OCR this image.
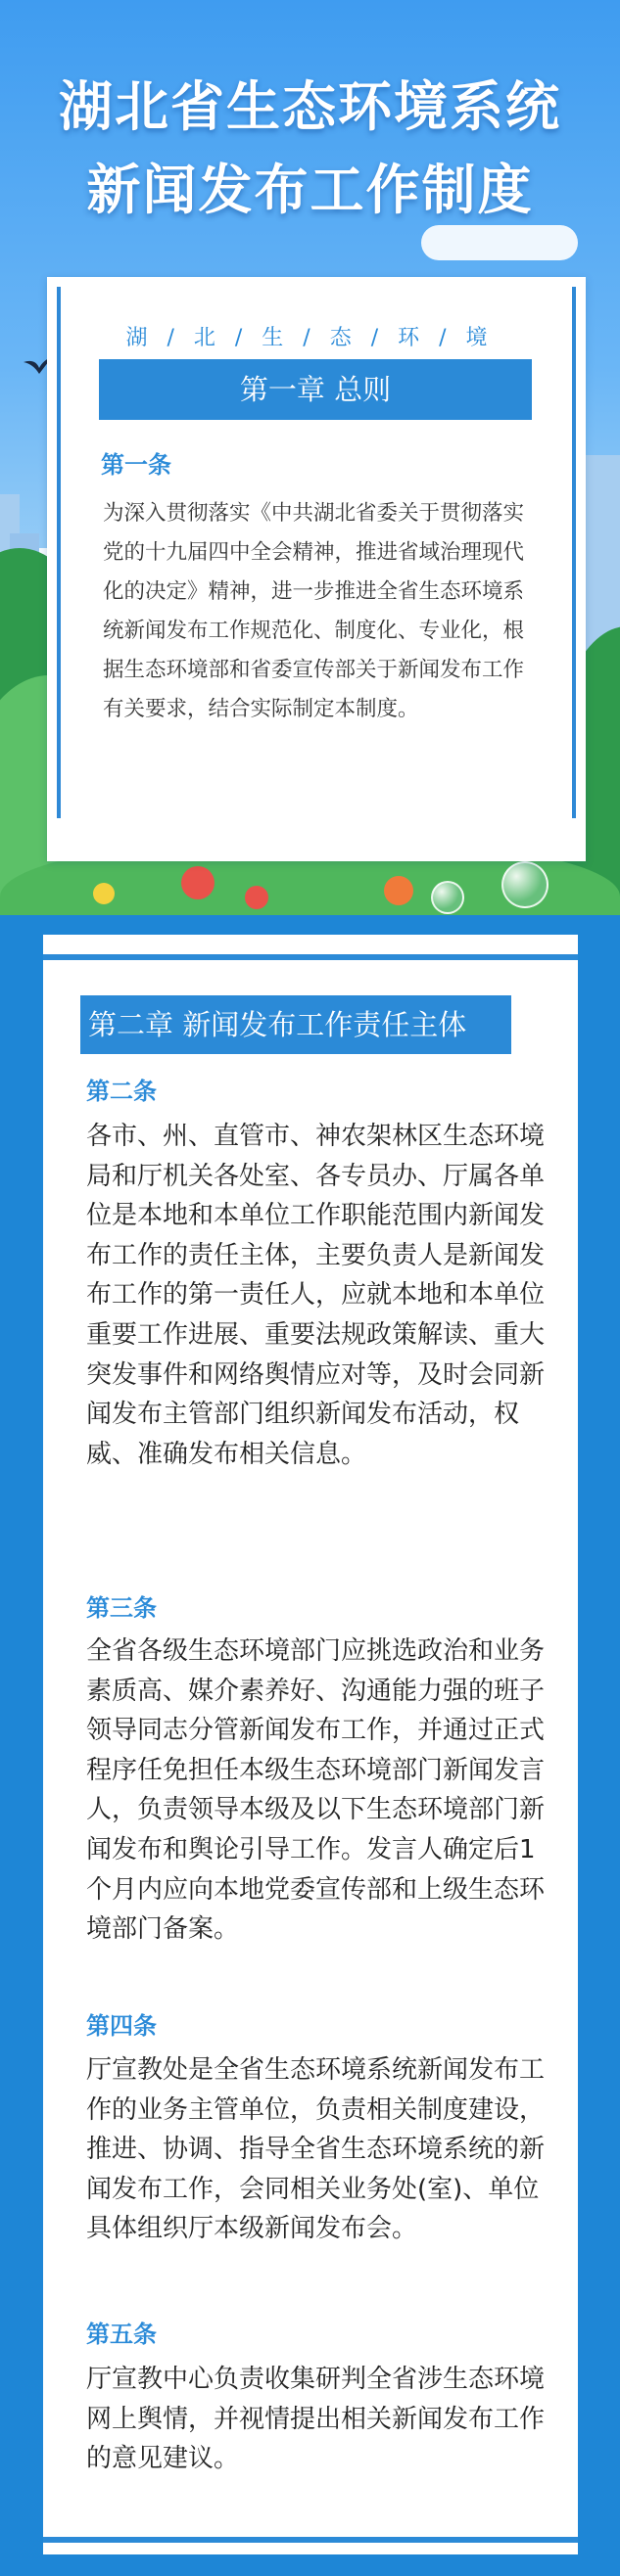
湖北省生态环境系统
新闻发布工作制度
湖/北/生/态/环/境
第一章 总则
第一条
为深入贯彻落实《中共湖北省委关于贯彻落实党的十九届四中全会精神，推进省域治理现代化的决定》精神，进一步推进全省生态环境系统新闻发布工作规范化、制度化、专业化，根据生态环境部和省委宣传部关于新闻发布工作有关要求，结合实际制定本制度。
第二章 新闻发布工作责任主体
第二条
各市、州、直管市、神农架林区生态环境局和厅机关各处室、各专员办、厅属各单位是本地和本单位工作职能范围内新闻发布工作的责任主体，主要负责人是新闻发布工作的第一责任人，应就本地和本单位重要工作进展、重要法规政策解读、重大突发事件和网络舆情应对等，及时会同新闻发布主管部门组织新闻发布活动，权威、准确发布相关信息。
第三条
全省各级生态环境部门应挑选政治和业务素质高、媒介素养好、沟通能力强的班子领导同志分管新闻发布工作，并通过正式程序任免担任本级生态环境部门新闻发言人，负责领导本级及以下生态环境部门新闻发布和舆论引导工作。发言人确定后1个月内应向本地党委宣传部和上级生态环境部门备案。
第四条
厅宣教处是全省生态环境系统新闻发布工作的业务主管单位，负责相关制度建设，推进、协调、指导全省生态环境系统的新闻发布工作，会同相关业务处(室)、单位具体组织厅本级新闻发布会。
第五条
厅宣教中心负责收集研判全省涉生态环境网上舆情，并视情提出相关新闻发布工作的意见建议。
